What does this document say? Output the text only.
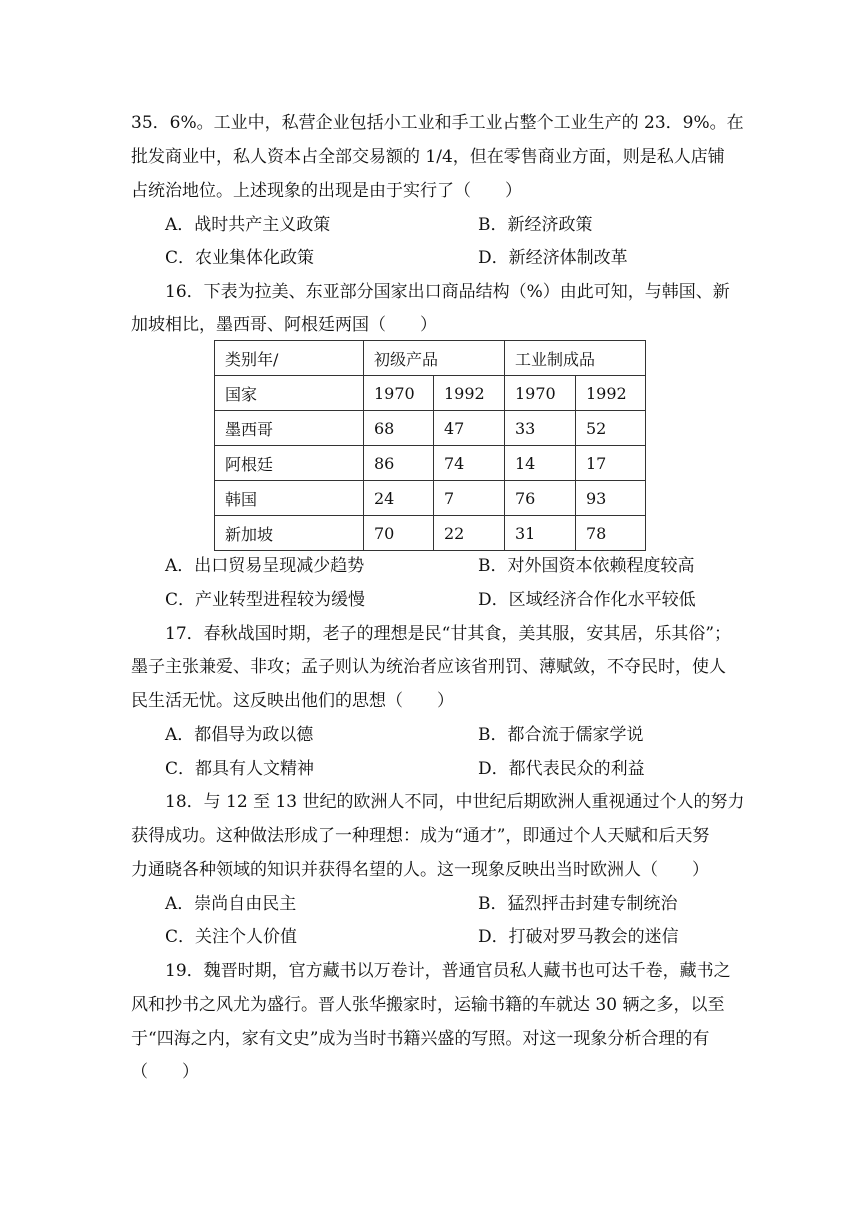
35．6%。工业中，私营企业包括小工业和手工业占整个工业生产的 23．9%。在
批发商业中，私人资本占全部交易额的 1/4，但在零售商业方面，则是私人店铺
占统治地位。上述现象的出现是由于实行了（　　）
A．战时共产主义政策	B．新经济政策
C．农业集体化政策	D．新经济体制改革
16．下表为拉美、东亚部分国家出口商品结构（%）由此可知，与韩国、新
加坡相比，墨西哥、阿根廷两国（　　）
类别年/	初级产品		工业制成品	
国家	1970	1992	1970	1992
墨西哥	68	47	33	52
阿根廷	86	74	14	17
韩国	24	7	76	93
新加坡	70	22	31	78
A．出口贸易呈现减少趋势	B．对外国资本依赖程度较高
C．产业转型进程较为缓慢	D．区域经济合作化水平较低
17．春秋战国时期，老子的理想是民“甘其食，美其服，安其居，乐其俗”；
墨子主张兼爱、非攻；孟子则认为统治者应该省刑罚、薄赋敛，不夺民时，使人
民生活无忧。这反映出他们的思想（　　）
A．都倡导为政以德	B．都合流于儒家学说
C．都具有人文精神	D．都代表民众的利益
18．与 12 至 13 世纪的欧洲人不同，中世纪后期欧洲人重视通过个人的努力
获得成功。这种做法形成了一种理想：成为“通才”，即通过个人天赋和后天努
力通晓各种领域的知识并获得名望的人。这一现象反映出当时欧洲人（　　）
A．崇尚自由民主	B．猛烈抨击封建专制统治
C．关注个人价值	D．打破对罗马教会的迷信
19．魏晋时期，官方藏书以万卷计，普通官员私人藏书也可达千卷，藏书之
风和抄书之风尤为盛行。晋人张华搬家时，运输书籍的车就达 30 辆之多，以至
于“四海之内，家有文史”成为当时书籍兴盛的写照。对这一现象分析合理的有
（　　）
